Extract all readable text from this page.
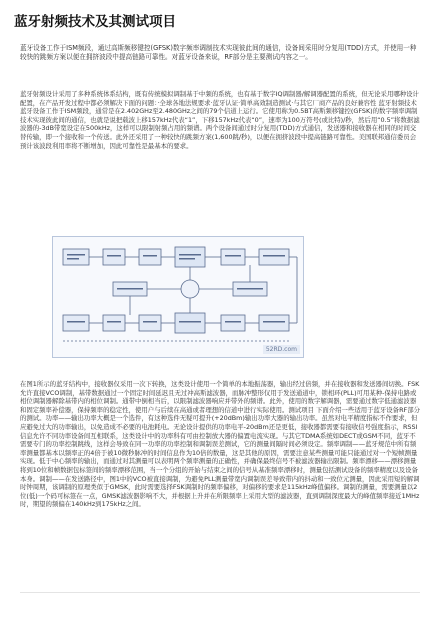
蓝牙射频技术及其测试项目

蓝牙设备工作于ISM频段，通过高斯频移键控(GFSK)数字频率调制技术实现彼此间的通信，设备间采用时分复用(TDD)方式，并使用一种较快的跳频方案以便在拥挤波段中提高链路可靠性。对蓝牙设备来说，RF部分是主要测试内容之一。

蓝牙射频设计采用了多种系统体系结构，既有传统模拟调制基于中频的系统，也有基于数字IQ调制器/解调器配置的系统，但无论采用哪种设计配置，在产品开发过程中都必须解决下面的问题：·全球各地法规要求·蓝牙认证·简单高效制造测试·与其它厂商产品的良好兼容性 蓝牙射频技术 蓝牙设备工作于ISM频段，通常是在2.402GHz至2.480GHz之间的79个信道上运行。它使用称为0.5BT高斯频移键控(GFSK)的数字频率调制技术实现彼此间的通信，也就是说把载波上移157kHz代表“1”，下移157kHz代表“0”，速率为100万符号(或比特)/秒，然后用“0.5”将数据滤波器的-3dB带宽设定在500kHz，这样可以限制射频占用的频谱。两个设备间通过时分复用(TDD)方式通信，发送器和接收器在相同的时间交替传输，即一个接收和一个传送。此外还采用了一种较快的跳频方案(1,600跳/秒)，以便在拥挤波段中提高链路可靠性。美国联邦通信委员会预计该波段利用率将不断增加，因此可靠性是最基本的要求。

52RD.com

在图1所示的蓝牙结构中，接收器仅采用一次下转换，这类设计使用一个简单的本地振荡器，输出经过倍频，并在接收器和发送器间切换。FSK允许直接VCO调制，基带数据通过一个固定时间延迟且无过冲高斯滤波器，而脉冲整形仅用于发送通道中，锁相环(PLL)可用某种-保持电路或相位调制器解除基带内的相位调制。通带中倒相当后，以限制滤波器响应并带外的频谱。此外，使用的数字解调器，需要通过数字低通滤波器和固定频率补偿器，保持频率的稳定性，使用户与后续在高通或者理想的信道中进行实际使用。测试项目 下面介绍一些适用于蓝牙设备RF部分的测试。功率——输出功率大概是一个选件，有这种选件无疑可提升(+20dBm)输出功率大器的输出功率。虽然对电平精度指标不作要求，但应避免过大的功率输出，以免造成不必要的电池耗电。无论设计提供的功率电平-20dBm还是更低，接收器都需要有接收信号强度指示，RSSI信息允许不同功率设备间互相联系，这类设计中的功率科有可由控制放大器的偏置电流实现。与其它TDMA系统如DECT或GSM不同，蓝牙不需要专门的功率控制跳线，这样会导致在同一功率的功率控制和调制误差测试，它的测量间隔时间必须设定。频率调制——蓝牙规范中所有频率测量都基本以频率正的4倍于被10微秒脉冲的时间信息作为10倍的数量，这是其他的原因，需要注意某些测量可能只能通过对一个短帧测量实现。低于中心频率的输出，而通过对其测量可以表明两个频率测量的正确性，并确保最终信号不被滤波器输出限制。频率漂移——漂移测量将到10位和帧数据包标签间的频率漂移范围，当一个分组的开始与结束之间的信号从基准频率漂移时，测量包括测试设备的频率精度以及设备本身。调制——在发送路径中，图1中的VCO被直接调制，为避免PLL测量带宽内调制误差导致带内的抖动和一致位元测量，因此采用短的解调时钟周期，该调制的原理类似于GMSK，此时需要选择FSK调制时的频率偏移，对偏移的要求是115kHz峰值偏移。调制的测量，需要测量以2位(低)一个码可标签在一点，GMSK滤波器影响不大，并根据上升并在所限频率上采用大型的滤波器，直到调制深度最大的峰值频率接近1MHz时，期望的频偏在140kHz到175kHz之间。
